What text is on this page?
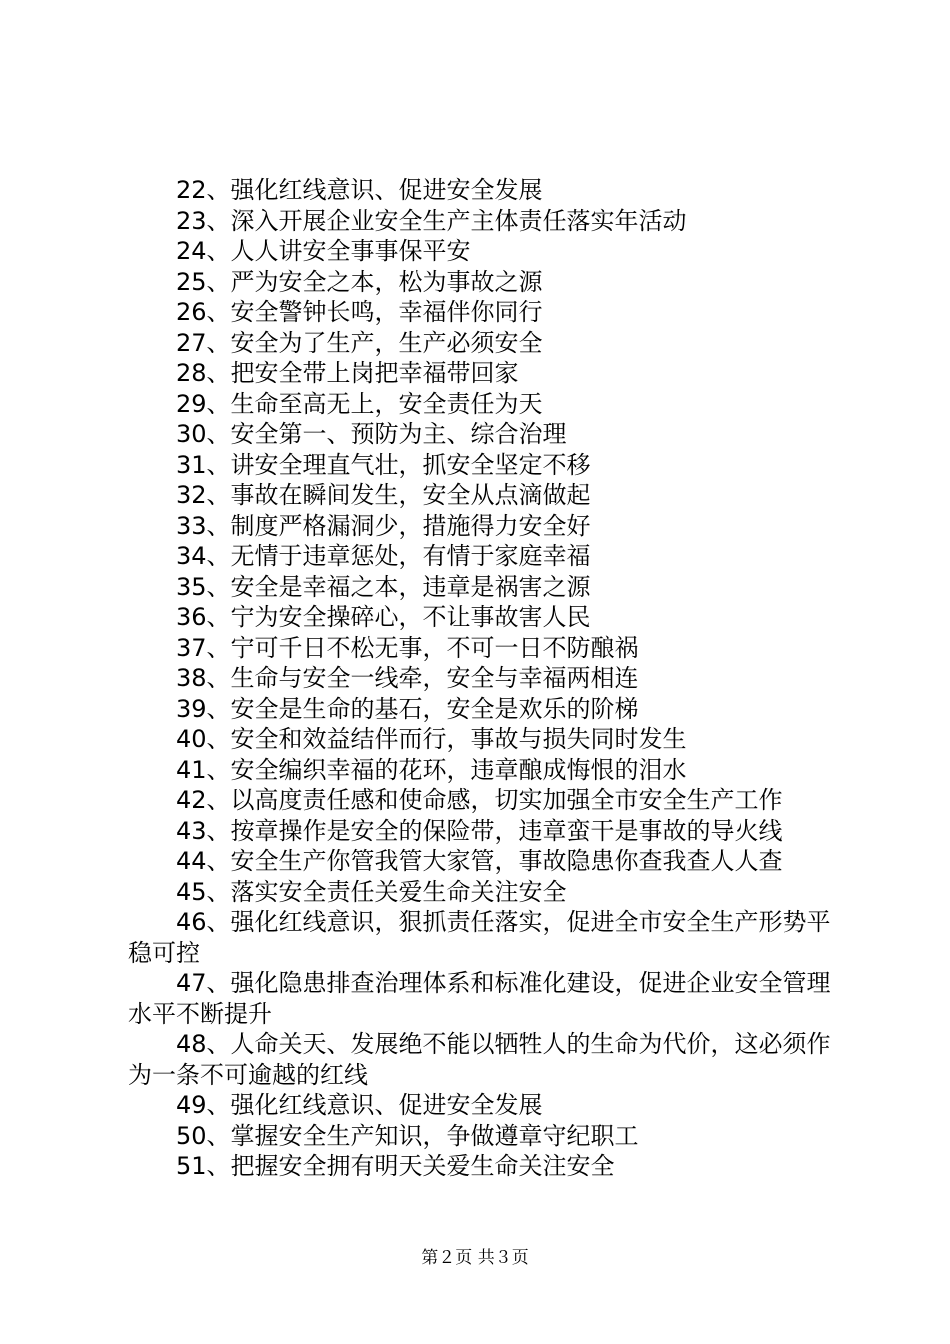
22、强化红线意识、促进安全发展

23、深入开展企业安全生产主体责任落实年活动

24、人人讲安全事事保平安

25、严为安全之本，松为事故之源

26、安全警钟长鸣，幸福伴你同行

27、安全为了生产，生产必须安全

28、把安全带上岗把幸福带回家

29、生命至高无上，安全责任为天

30、安全第一、预防为主、综合治理

31、讲安全理直气壮，抓安全坚定不移

32、事故在瞬间发生，安全从点滴做起

33、制度严格漏洞少，措施得力安全好

34、无情于违章惩处，有情于家庭幸福

35、安全是幸福之本，违章是祸害之源

36、宁为安全操碎心，不让事故害人民

37、宁可千日不松无事，不可一日不防酿祸

38、生命与安全一线牵，安全与幸福两相连

39、安全是生命的基石，安全是欢乐的阶梯

40、安全和效益结伴而行，事故与损失同时发生

41、安全编织幸福的花环，违章酿成悔恨的泪水

42、以高度责任感和使命感，切实加强全市安全生产工作

43、按章操作是安全的保险带，违章蛮干是事故的导火线

44、安全生产你管我管大家管，事故隐患你查我查人人查

45、落实安全责任关爱生命关注安全

46、强化红线意识，狠抓责任落实，促进全市安全生产形势平稳可控

47、强化隐患排查治理体系和标准化建设，促进企业安全管理水平不断提升

48、人命关天、发展绝不能以牺牲人的生命为代价，这必须作为一条不可逾越的红线

49、强化红线意识、促进安全发展

50、掌握安全生产知识，争做遵章守纪职工

51、把握安全拥有明天关爱生命关注安全

第２页 共３页
